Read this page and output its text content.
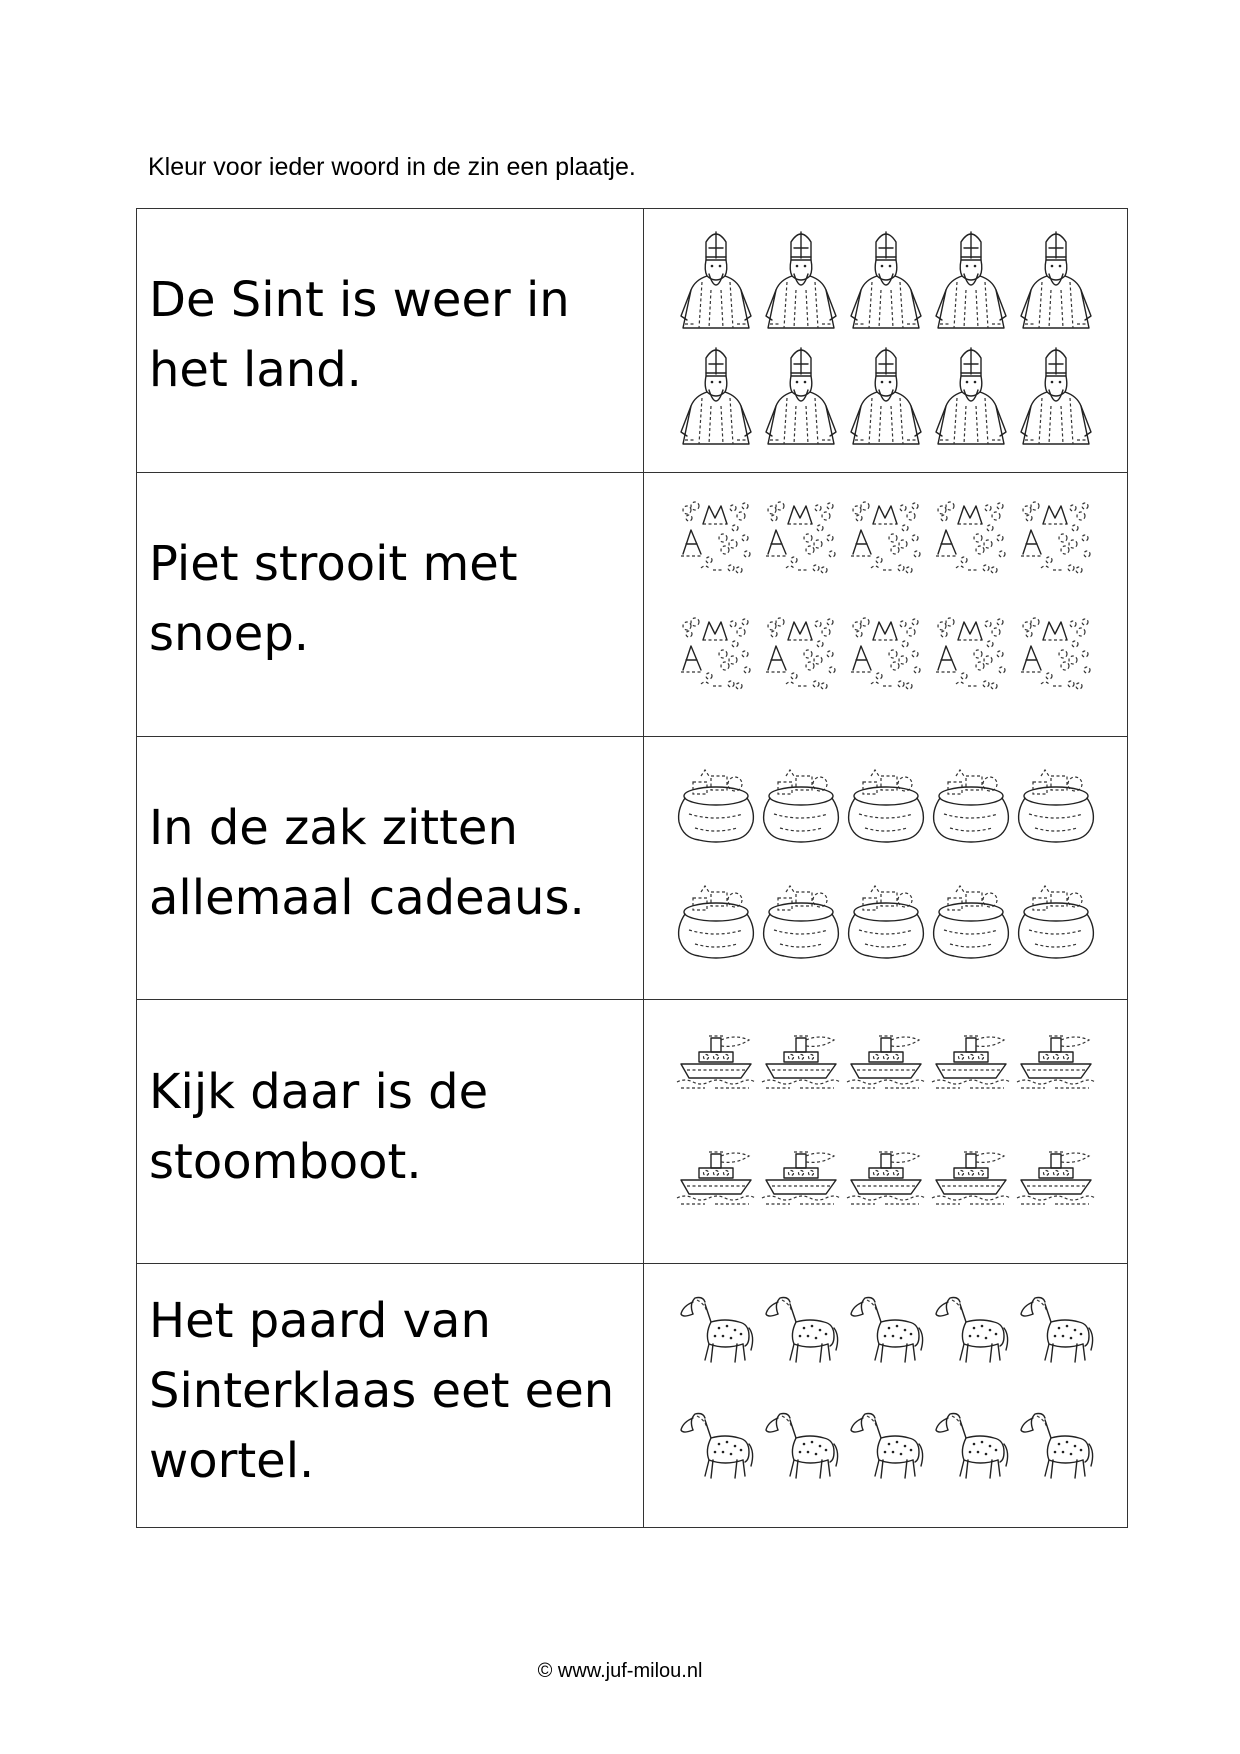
Kleur voor ieder woord in de zin een plaatje.
De Sint is weer in het land.

Piet strooit met snoep.

In de zak zitten allemaal cadeaus.

Kijk daar is de stoomboot.

Het paard van Sinterklaas eet een wortel.

© www.juf-milou.nl
